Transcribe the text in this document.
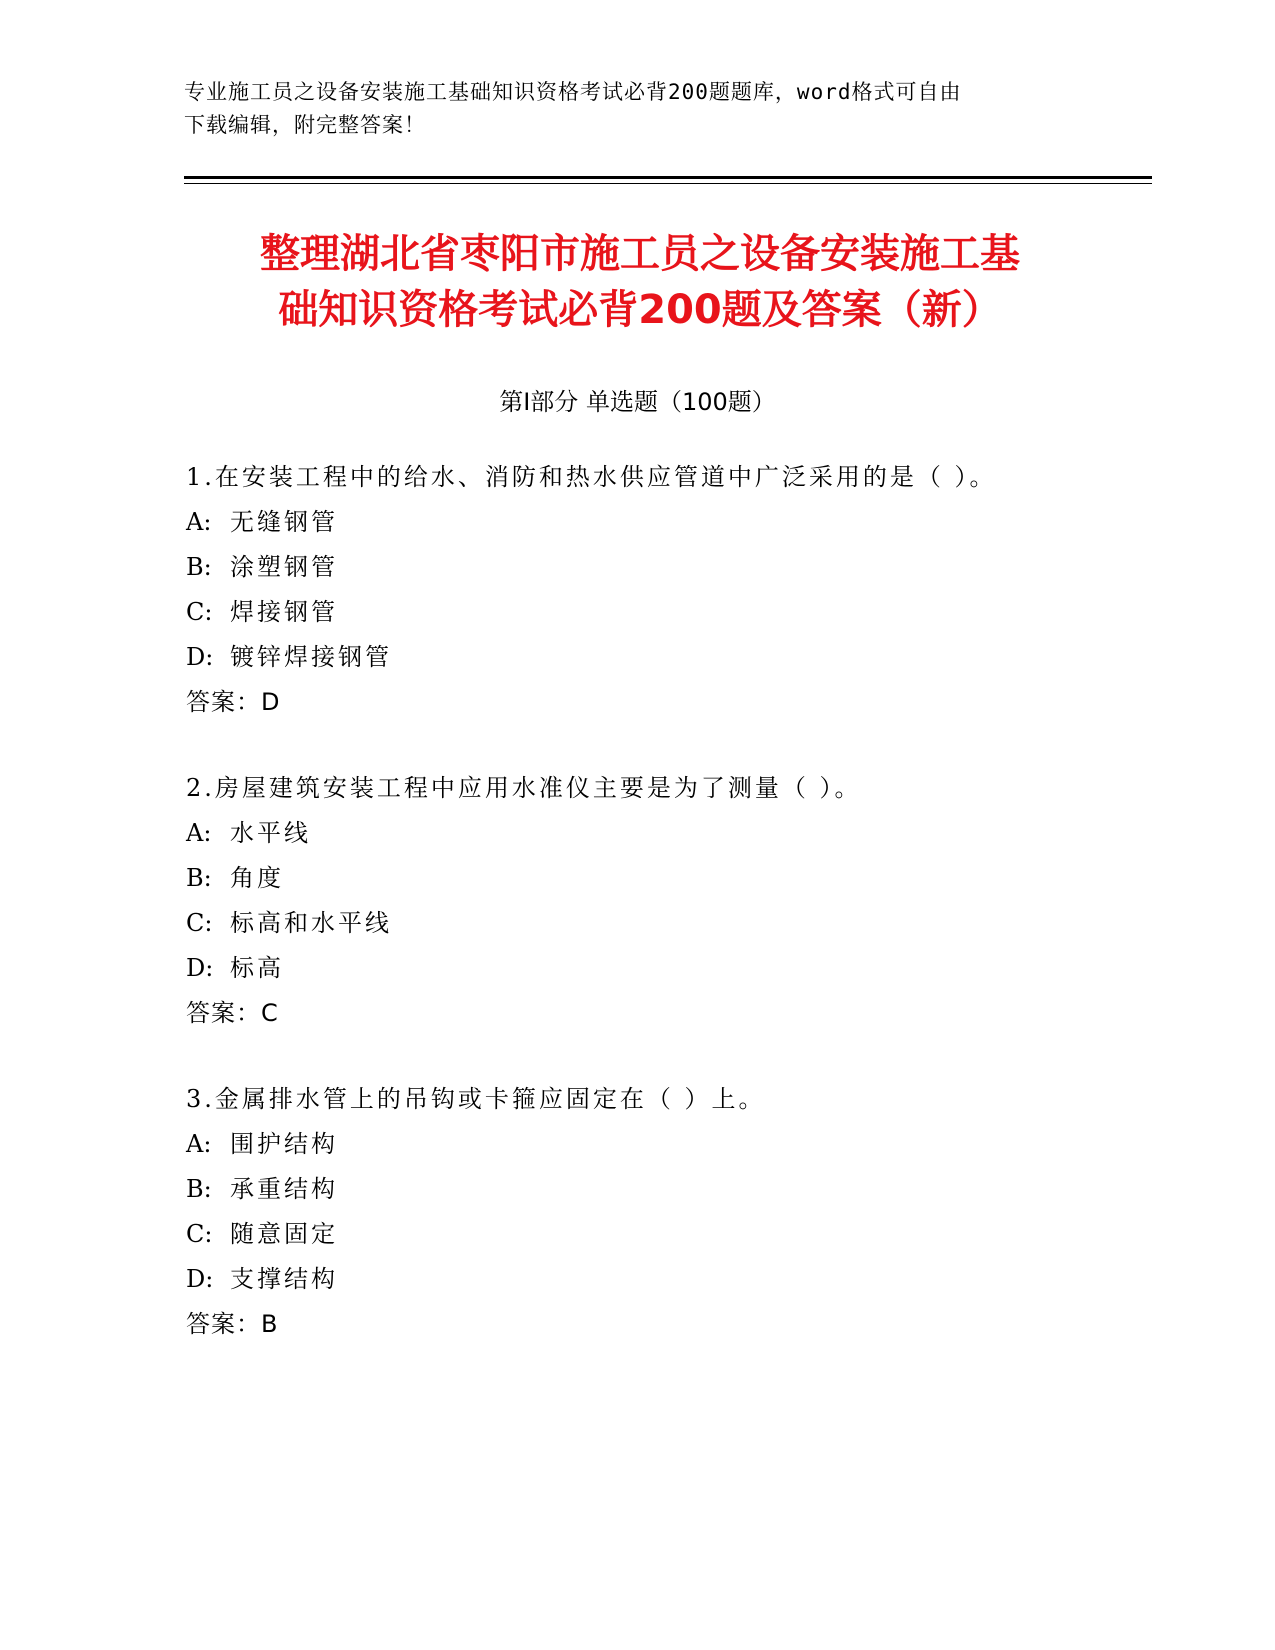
专业施工员之设备安装施工基础知识资格考试必背200题题库，word格式可自由
下载编辑，附完整答案！
整理湖北省枣阳市施工员之设备安装施工基
础知识资格考试必背200题及答案（新）
第Ⅰ部分 单选题（100题）
1.在安装工程中的给水、消防和热水供应管道中广泛采用的是（ ）。
A: 无缝钢管
B: 涂塑钢管
C: 焊接钢管
D: 镀锌焊接钢管
答案：D
2.房屋建筑安装工程中应用水准仪主要是为了测量（ ）。
A: 水平线
B: 角度
C: 标高和水平线
D: 标高
答案：C
3.金属排水管上的吊钩或卡箍应固定在（ ）上。
A: 围护结构
B: 承重结构
C: 随意固定
D: 支撑结构
答案：B
